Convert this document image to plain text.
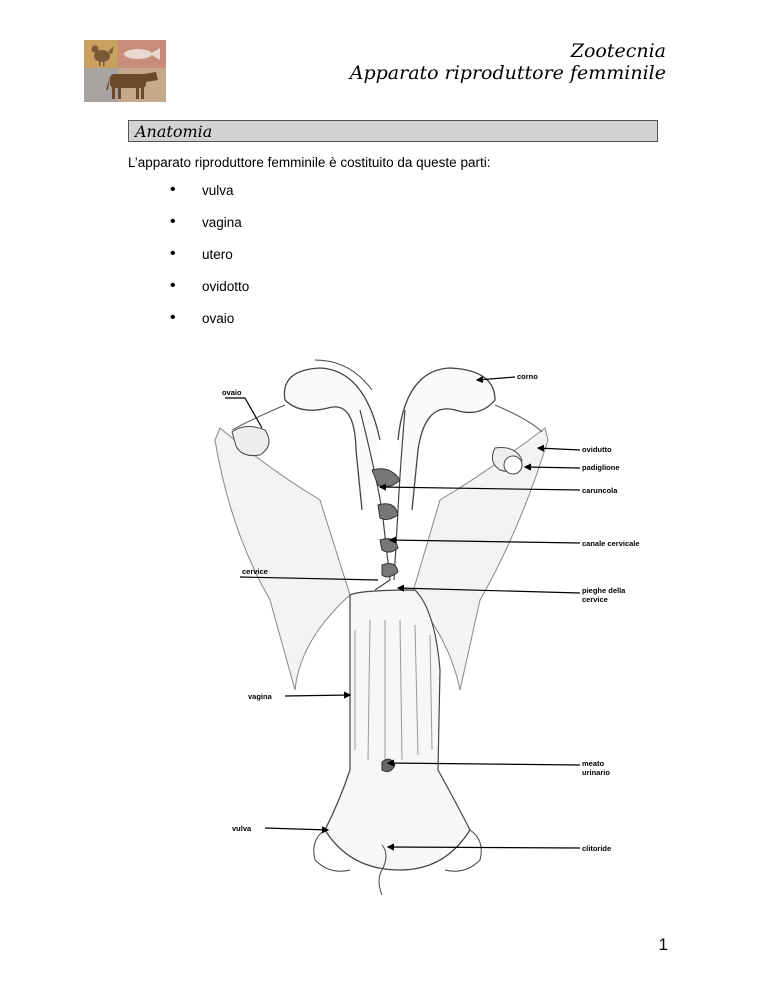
Zootecnia
Apparato riproduttore femminile
Anatomia
L’apparato riproduttore femminile è costituito da queste parti:
• vulva
• vagina
• utero
• ovidotto
• ovaio
corno
ovaio
ovidutto
padiglione
caruncola
canale cervicale
cervice
pieghe della
cervice
vagina
meato
urinario
vulva
clitoride
1
